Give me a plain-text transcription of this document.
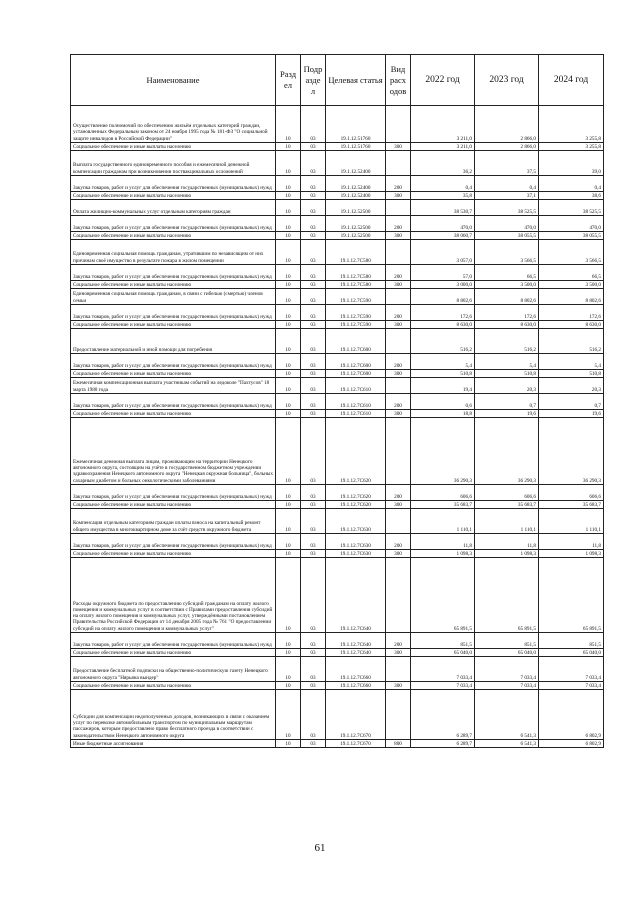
Наименование	Разд ел	Подр азде л	Целевая статья	Вид расх одов	2022 год	2023 год	2024 год
Осуществление полномочий по обеспечению жильём отдельных категорий граждан, установленных Федеральным законом от 24 ноября 1995 года № 181-ФЗ "О социальной защите инвалидов в Российской Федерации"	10	03	19.1.12.51760		3 211,0	2 866,0	3 255,8
Социальное обеспечение и иные выплаты населению	10	03	19.1.12.51760	300	3 211,0	2 866,0	3 255,8
Выплата государственного единовременного пособия и ежемесячной денежной компенсации гражданам при возникновении поствакцинальных осложнений	10	03	19.1.12.52400		36,2	37,5	39,0
Закупка товаров, работ и услуг для обеспечения государственных (муниципальных) нужд	10	03	19.1.12.52400	200	0,4	0,4	0,4
Социальное обеспечение и иные выплаты населению	10	03	19.1.12.52400	300	35,8	37,1	38,6
Оплата жилищно-коммунальных услуг отдельным категориям граждан	10	03	19.1.12.52500		38 530,7	38 525,5	38 525,5
Закупка товаров, работ и услуг для обеспечения государственных (муниципальных) нужд	10	03	19.1.12.52500	200	470,0	470,0	470,0
Социальное обеспечение и иные выплаты населению	10	03	19.1.12.52500	300	38 060,7	38 055,5	38 055,5
Единовременная социальная помощь гражданам, утратившим по независящим от них причинам своё имущество в результате пожара в жилом помещении	10	03	19.1.12.7С580		3 057,0	3 566,5	3 566,5
Закупка товаров, работ и услуг для обеспечения государственных (муниципальных) нужд	10	03	19.1.12.7С580	200	57,0	66,5	66,5
Социальное обеспечение и иные выплаты населению	10	03	19.1.12.7С580	300	3 000,0	3 500,0	3 500,0
Единовременная социальная помощь гражданам, в связи с гибелью (смертью) членов семьи	10	03	19.1.12.7С590		8 802,6	8 802,6	8 802,6
Закупка товаров, работ и услуг для обеспечения государственных (муниципальных) нужд	10	03	19.1.12.7С590	200	172,6	172,6	172,6
Социальное обеспечение и иные выплаты населению	10	03	19.1.12.7С590	300	8 630,0	8 630,0	8 630,0
Предоставление материальной и иной помощи для погребения	10	03	19.1.12.7С600		516,2	516,2	516,2
Закупка товаров, работ и услуг для обеспечения государственных (муниципальных) нужд	10	03	19.1.12.7С600	200	5,4	5,4	5,4
Социальное обеспечение и иные выплаты населению	10	03	19.1.12.7С600	300	510,8	510,8	510,8
Ежемесячная компенсационная выплата участникам событий на ледоколе "Пахтусов" 18 марта 1980 года	10	03	19.1.12.7С610		19,4	20,3	20,3
Закупка товаров, работ и услуг для обеспечения государственных (муниципальных) нужд	10	03	19.1.12.7С610	200	0,6	0,7	0,7
Социальное обеспечение и иные выплаты населению	10	03	19.1.12.7С610	300	18,8	19,6	19,6
Ежемесячная денежная выплата лицам, проживающим на территории Ненецкого автономного округа, состоящим на учёте в государственном бюджетном учреждении здравоохранения Ненецкого автономного округа "Ненецкая окружная больница", больных сахарным диабетом и больных онкологическими заболеваниями	10	03	19.1.12.7С620		36 290,3	36 290,3	36 290,3
Закупка товаров, работ и услуг для обеспечения государственных (муниципальных) нужд	10	03	19.1.12.7С620	200	606,6	606,6	606,6
Социальное обеспечение и иные выплаты населению	10	03	19.1.12.7С620	300	35 683,7	35 683,7	35 683,7
Компенсация отдельным категориям граждан оплаты взноса на капитальный ремонт общего имущества в многоквартирном доме за счёт средств окружного бюджета	10	03	19.1.12.7С630		1 110,1	1 110,1	1 110,1
Закупка товаров, работ и услуг для обеспечения государственных (муниципальных) нужд	10	03	19.1.12.7С630	200	11,8	11,8	11,8
Социальное обеспечение и иные выплаты населению	10	03	19.1.12.7С630	300	1 098,3	1 098,3	1 098,3
Расходы окружного бюджета по предоставлению субсидий гражданам на оплату жилого помещения и коммунальных услуг в соответствии с Правилами предоставления субсидий на оплату жилого помещения и коммунальных услуг, утверждёнными постановлением Правительства Российской Федерации от 14 декабря 2005 года № 761 "О предоставлении субсидий на оплату жилого помещения и коммунальных услуг"	10	03	19.1.12.7С640		65 891,5	65 891,5	65 891,5
Закупка товаров, работ и услуг для обеспечения государственных (муниципальных) нужд	10	03	19.1.12.7С640	200	851,5	851,5	851,5
Социальное обеспечение и иные выплаты населению	10	03	19.1.12.7С640	300	65 040,0	65 040,0	65 040,0
Предоставление бесплатной подписки на общественно-политическую газету Ненецкого автономного округа "Нярьяна вындер"	10	03	19.1.12.7С660		7 033,4	7 033,4	7 033,4
Социальное обеспечение и иные выплаты населению	10	03	19.1.12.7С660	300	7 033,4	7 033,4	7 033,4
Субсидии для компенсации недополученных доходов, возникающих в связи с оказанием услуг по перевозке автомобильным транспортом по муниципальным маршрутам пассажиров, которым предоставлено право бесплатного проезда в соответствии с законодательством Ненецкого автономного округа	10	03	19.1.12.7С670		6 289,7	6 541,3	6 802,9
Иные бюджетные ассигнования	10	03	19.1.12.7С670	800	6 289,7	6 541,3	6 802,9
61
